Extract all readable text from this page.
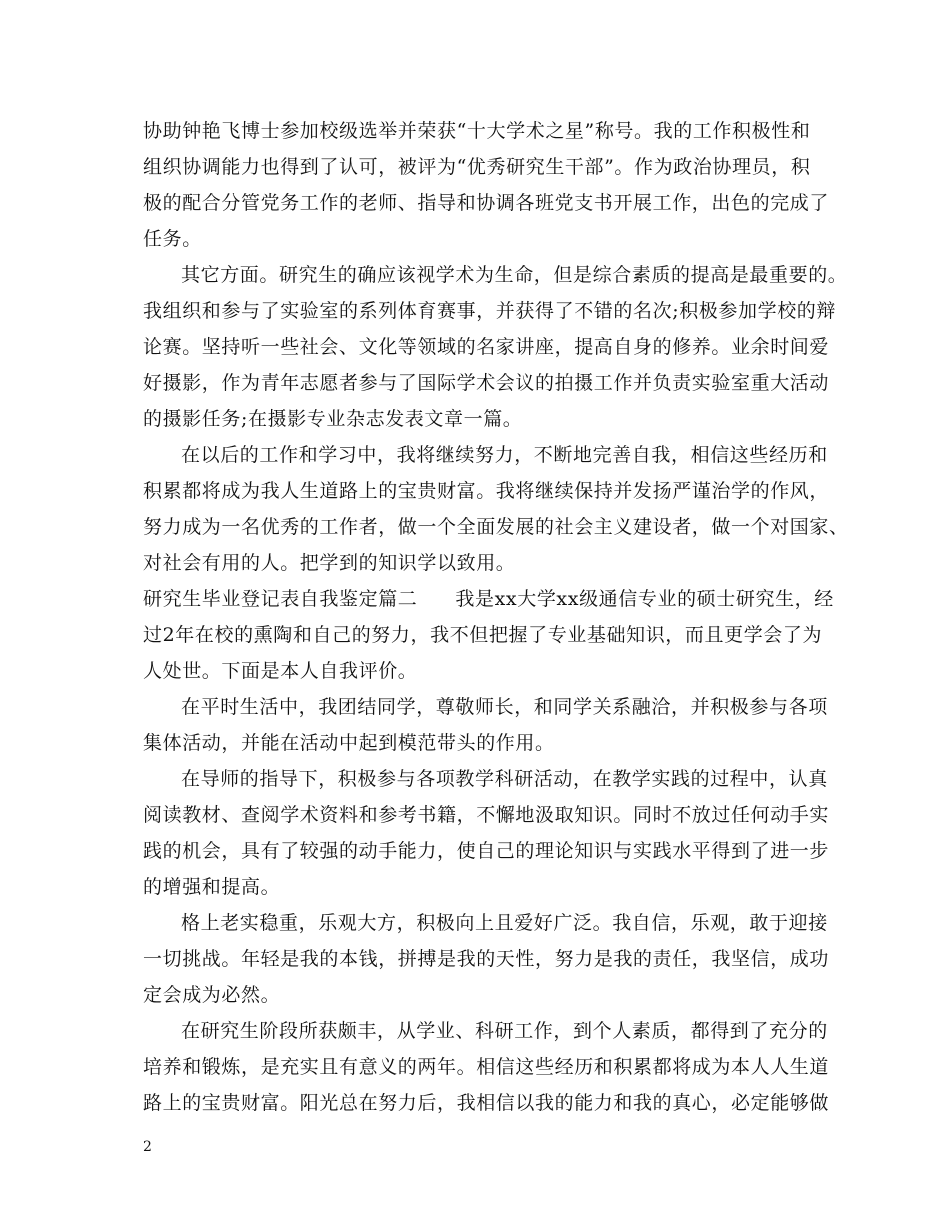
协助钟艳飞博士参加校级选举并荣获“十大学术之星”称号。我的工作积极性和
组织协调能力也得到了认可，被评为“优秀研究生干部”。作为政治协理员，积
极的配合分管党务工作的老师、指导和协调各班党支书开展工作，出色的完成了
任务。
其它方面。研究生的确应该视学术为生命，但是综合素质的提高是最重要的。
我组织和参与了实验室的系列体育赛事，并获得了不错的名次;积极参加学校的辩
论赛。坚持听一些社会、文化等领域的名家讲座，提高自身的修养。业余时间爱
好摄影，作为青年志愿者参与了国际学术会议的拍摄工作并负责实验室重大活动
的摄影任务;在摄影专业杂志发表文章一篇。
在以后的工作和学习中，我将继续努力，不断地完善自我，相信这些经历和
积累都将成为我人生道路上的宝贵财富。我将继续保持并发扬严谨治学的作风，
努力成为一名优秀的工作者，做一个全面发展的社会主义建设者，做一个对国家、
对社会有用的人。把学到的知识学以致用。
研究生毕业登记表自我鉴定篇二 我是xx大学xx级通信专业的硕士研究生，经
过2年在校的熏陶和自己的努力，我不但把握了专业基础知识，而且更学会了为
人处世。下面是本人自我评价。
在平时生活中，我团结同学，尊敬师长，和同学关系融洽，并积极参与各项
集体活动，并能在活动中起到模范带头的作用。
在导师的指导下，积极参与各项教学科研活动，在教学实践的过程中，认真
阅读教材、查阅学术资料和参考书籍，不懈地汲取知识。同时不放过任何动手实
践的机会，具有了较强的动手能力，使自己的理论知识与实践水平得到了进一步
的增强和提高。
格上老实稳重，乐观大方，积极向上且爱好广泛。我自信，乐观，敢于迎接
一切挑战。年轻是我的本钱，拼搏是我的天性，努力是我的责任，我坚信，成功
定会成为必然。
在研究生阶段所获颇丰，从学业、科研工作，到个人素质，都得到了充分的
培养和锻炼，是充实且有意义的两年。相信这些经历和积累都将成为本人人生道
路上的宝贵财富。阳光总在努力后，我相信以我的能力和我的真心，必定能够做
2
